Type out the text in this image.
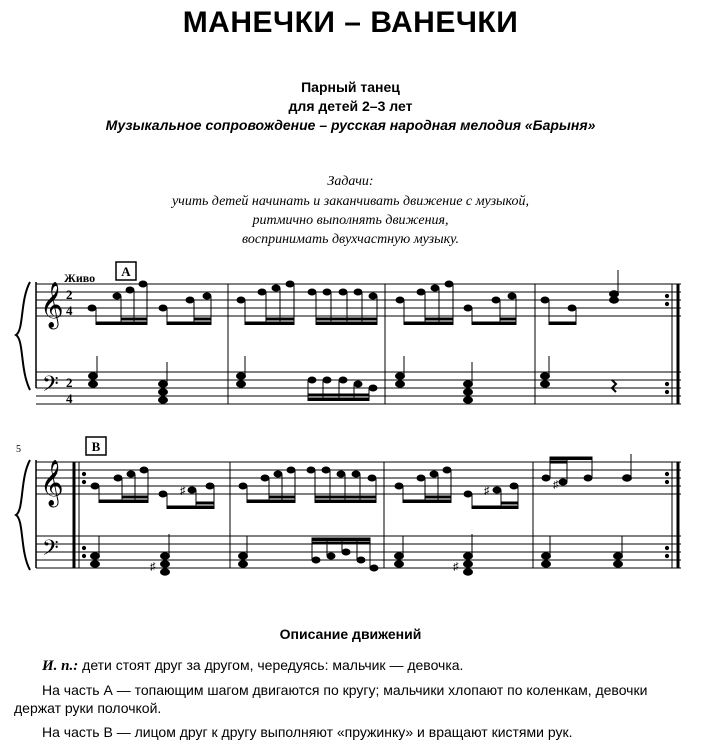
МАНЕЧКИ – ВАНЕЧКИ
Парный танец
для детей 2–3 лет
Музыкальное сопровождение – русская народная мелодия «Барыня»
Задачи:
учить детей начинать и заканчивать движение с музыкой,
ритмично выполнять движения,
воспринимать двухчастную музыку.
Живо
𝄞
𝄢
𝄞
𝄢
2
4
2
4
♯	♯	♯
♯	♯
A
B
5
Описание движений
И. п.: дети стоят друг за другом, чередуясь: мальчик — девочка.
На часть А — топающим шагом двигаются по кругу; мальчики хлопают по коленкам, девочки держат руки полочкой.
На часть В — лицом друг к другу выполняют «пружинку» и вращают кистями рук.
